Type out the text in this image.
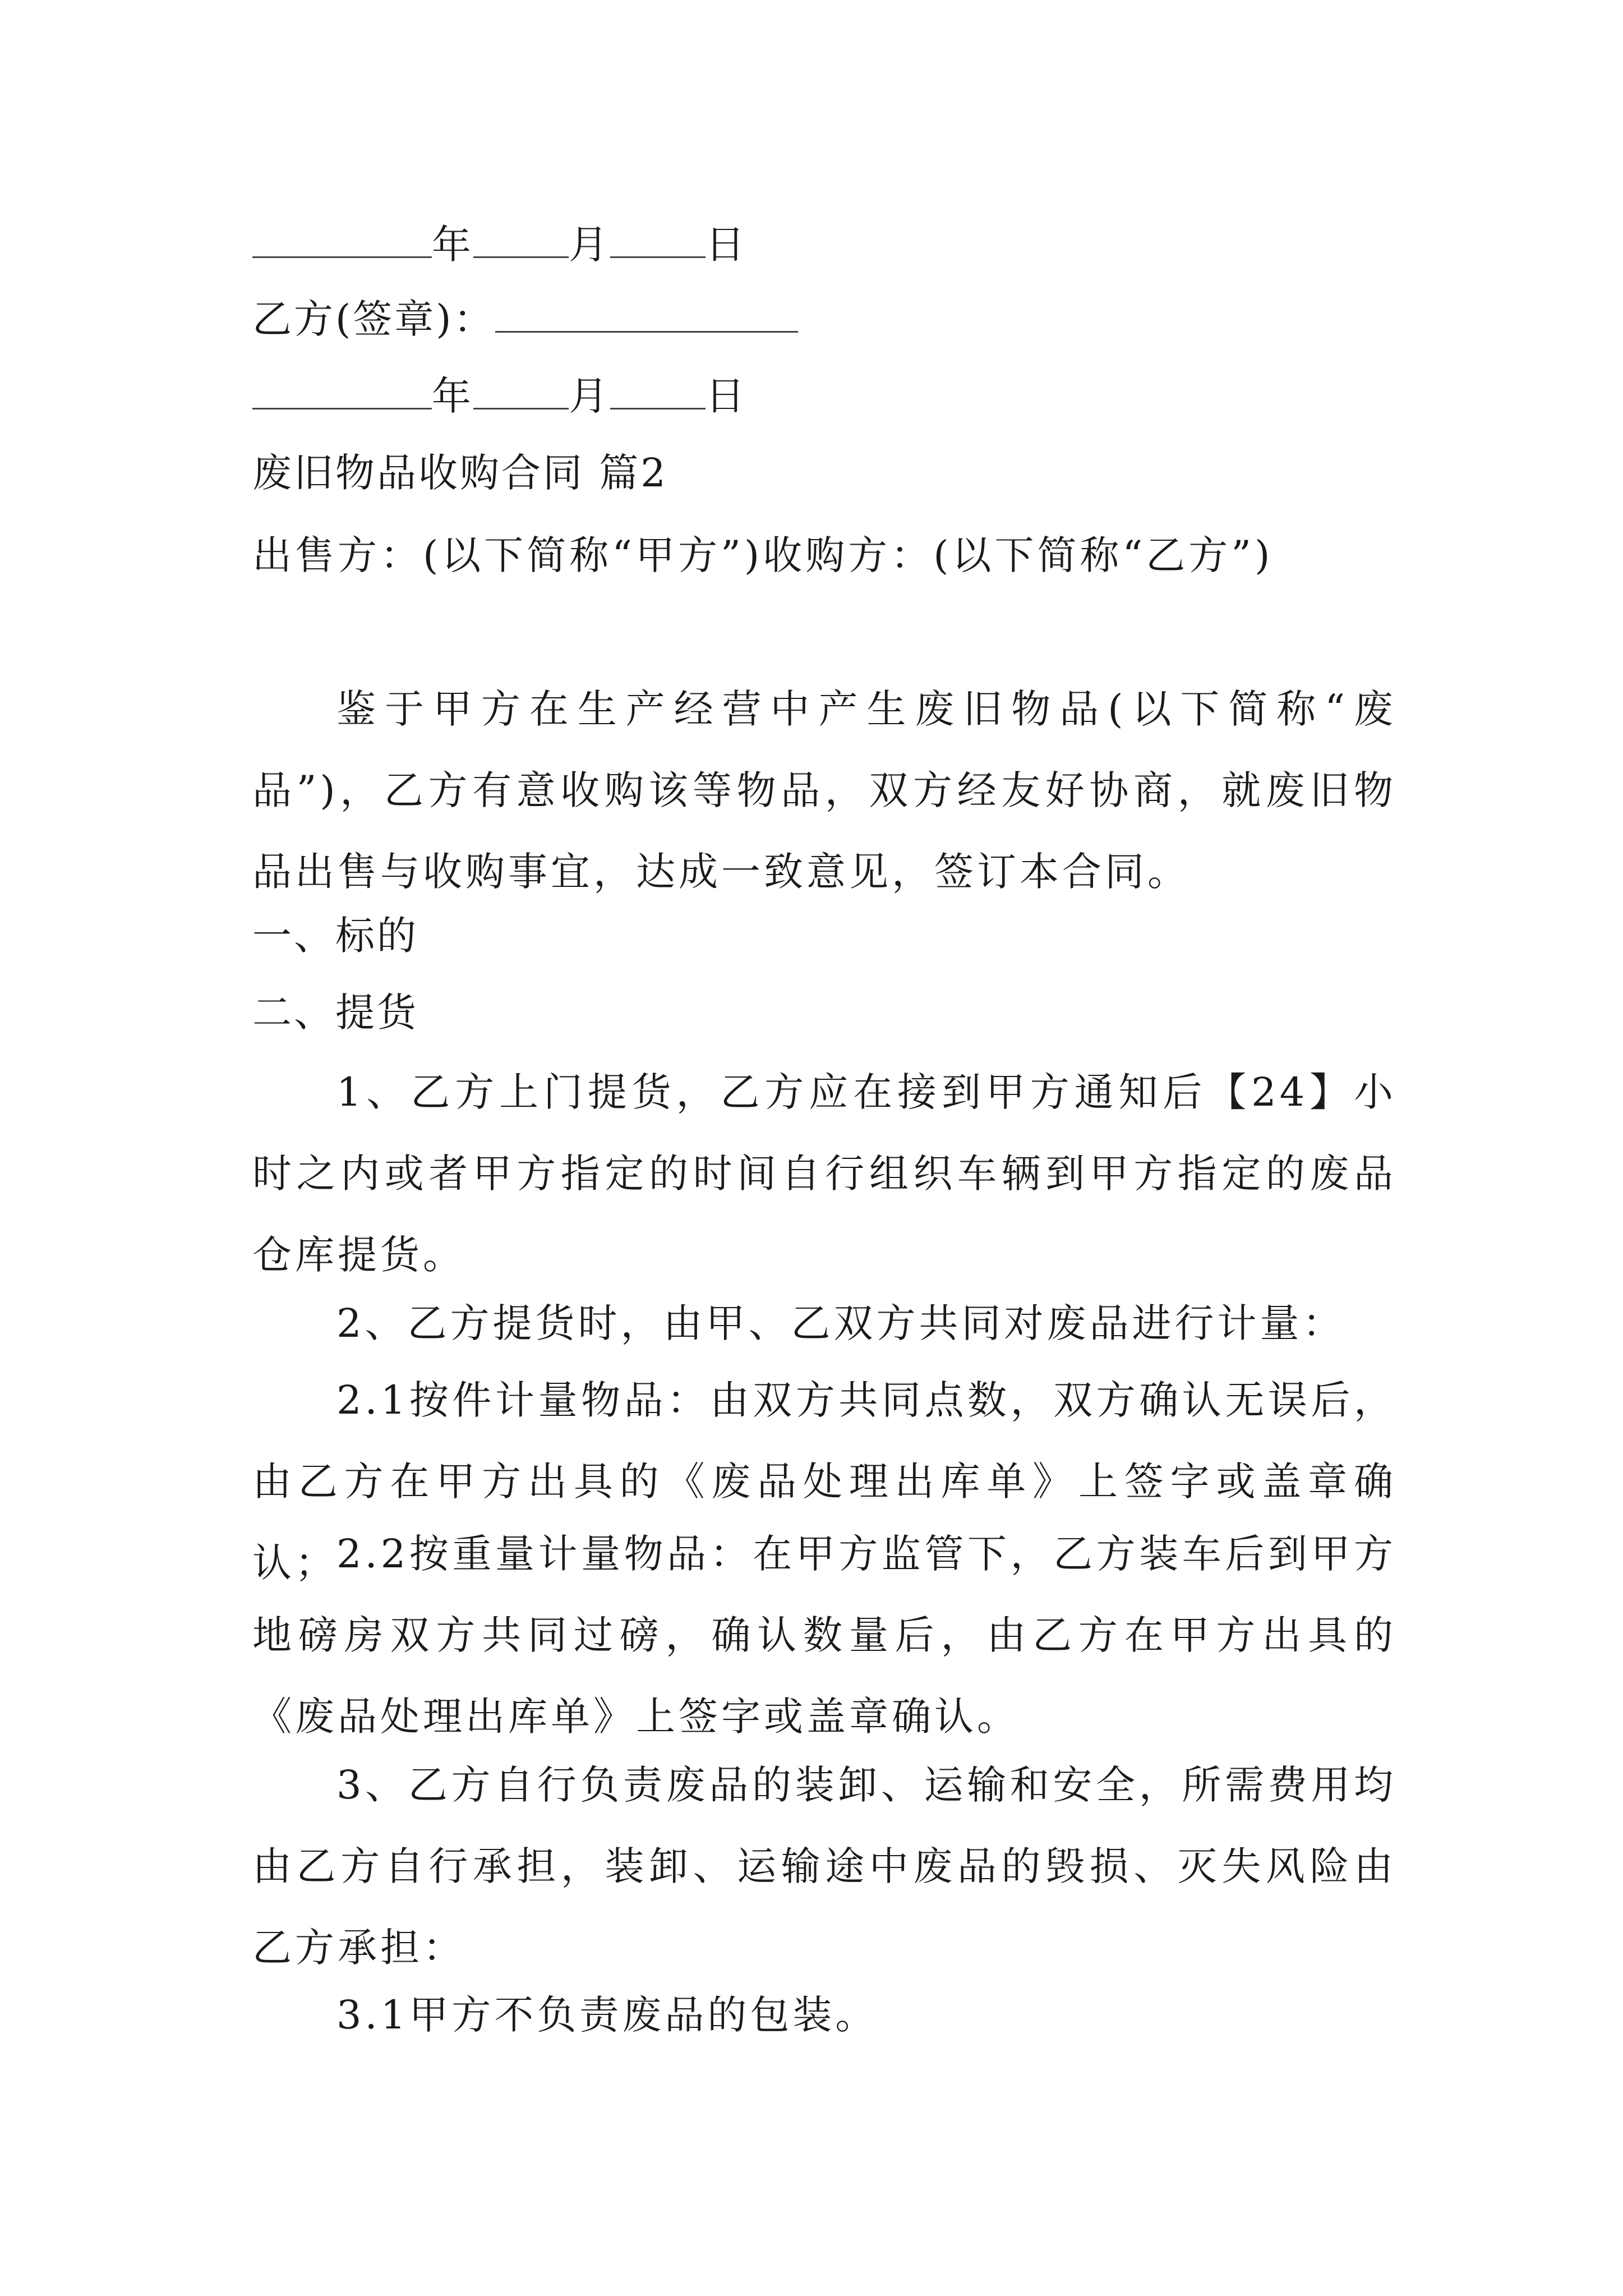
年 月 日
乙方(签章)：
年 月 日
废旧物品收购合同 篇2
出售方：(以下简称“甲方”)收购方：(以下简称“乙方”)
鉴于甲方在生产经营中产生废旧物品(以下简称“废品”)，乙方有意收购该等物品，双方经友好协商，就废旧物品出售与收购事宜，达成一致意见，签订本合同。
一、标的
二、提货
1、乙方上门提货，乙方应在接到甲方通知后【24】小时之内或者甲方指定的时间自行组织车辆到甲方指定的废品仓库提货。
2、乙方提货时，由甲、乙双方共同对废品进行计量：
2.1按件计量物品：由双方共同点数，双方确认无误后，由乙方在甲方出具的《废品处理出库单》上签字或盖章确认；
2.2按重量计量物品：在甲方监管下，乙方装车后到甲方地磅房双方共同过磅，确认数量后，由乙方在甲方出具的《废品处理出库单》上签字或盖章确认。
3、乙方自行负责废品的装卸、运输和安全，所需费用均由乙方自行承担，装卸、运输途中废品的毁损、灭失风险由乙方承担：
3.1甲方不负责废品的包装。
